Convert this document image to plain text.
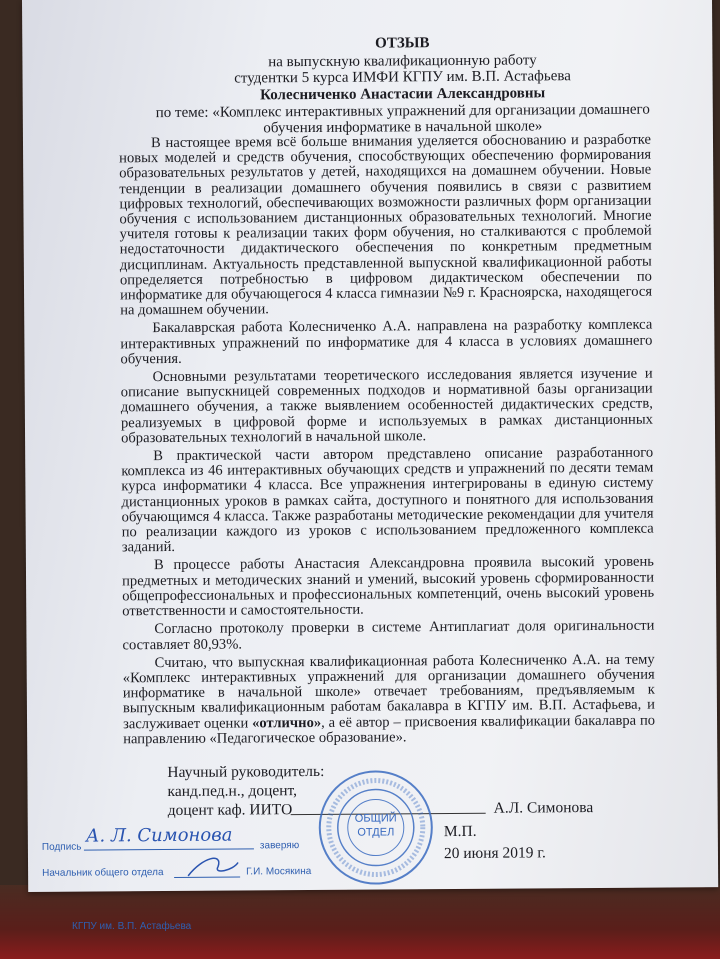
ОТЗЫВ
на выпускную квалификационную работу
студентки 5 курса ИМФИ КГПУ им. В.П. Астафьева
Колесниченко Анастасии Александровны
по теме: «Комплекс интерактивных упражнений для организации домашнего
обучения информатике в начальной школе»

В настоящее время всё больше внимания уделяется обоснованию и разработке новых моделей и средств обучения, способствующих обеспечению формирования образовательных результатов у детей, находящихся на домашнем обучении. Новые тенденции в реализации домашнего обучения появились в связи с развитием цифровых технологий, обеспечивающих возможности различных форм организации обучения с использованием дистанционных образовательных технологий. Многие учителя готовы к реализации таких форм обучения, но сталкиваются с проблемой недостаточности дидактического обеспечения по конкретным предметным дисциплинам. Актуальность представленной выпускной квалификационной работы определяется потребностью в цифровом дидактическом обеспечении по информатике для обучающегося 4 класса гимназии №9 г. Красноярска, находящегося на домашнем обучении.

Бакалаврская работа Колесниченко А.А. направлена на разработку комплекса интерактивных упражнений по информатике для 4 класса в условиях домашнего обучения.

Основными результатами теоретического исследования является изучение и описание выпускницей современных подходов и нормативной базы организации домашнего обучения, а также выявлением особенностей дидактических средств, реализуемых в цифровой форме и используемых в рамках дистанционных образовательных технологий в начальной школе.

В практической части автором представлено описание разработанного комплекса из 46 интерактивных обучающих средств и упражнений по десяти темам курса информатики 4 класса. Все упражнения интегрированы в единую систему дистанционных уроков в рамках сайта, доступного и понятного для использования обучающимся 4 класса. Также разработаны методические рекомендации для учителя по реализации каждого из уроков с использованием предложенного комплекса заданий.

В процессе работы Анастасия Александровна проявила высокий уровень предметных и методических знаний и умений, высокий уровень сформированности общепрофессиональных и профессиональных компетенций, очень высокий уровень ответственности и самостоятельности.

Согласно протоколу проверки в системе Антиплагиат доля оригинальности составляет 80,93%.

Считаю, что выпускная квалификационная работа Колесниченко А.А. на тему «Комплекс интерактивных упражнений для организации домашнего обучения информатике в начальной школе» отвечает требованиям, предъявляемым к выпускным квалификационным работам бакалавра в КГПУ им. В.П. Астафьева, и заслуживает оценки «отлично», а её автор – присвоения квалификации бакалавра по направлению «Педагогическое образование».

Научный руководитель:
канд.пед.н., доцент,
доцент каф. ИИТО	А.Л. Симонова
М.П.
20 июня 2019 г.
Подпись
А. Л. Симонова	заверяю
Начальник общего отдела	Г.И. Мосякина
ОБЩИЙ ОТДЕЛ
КГПУ им. В.П. Астафьева
